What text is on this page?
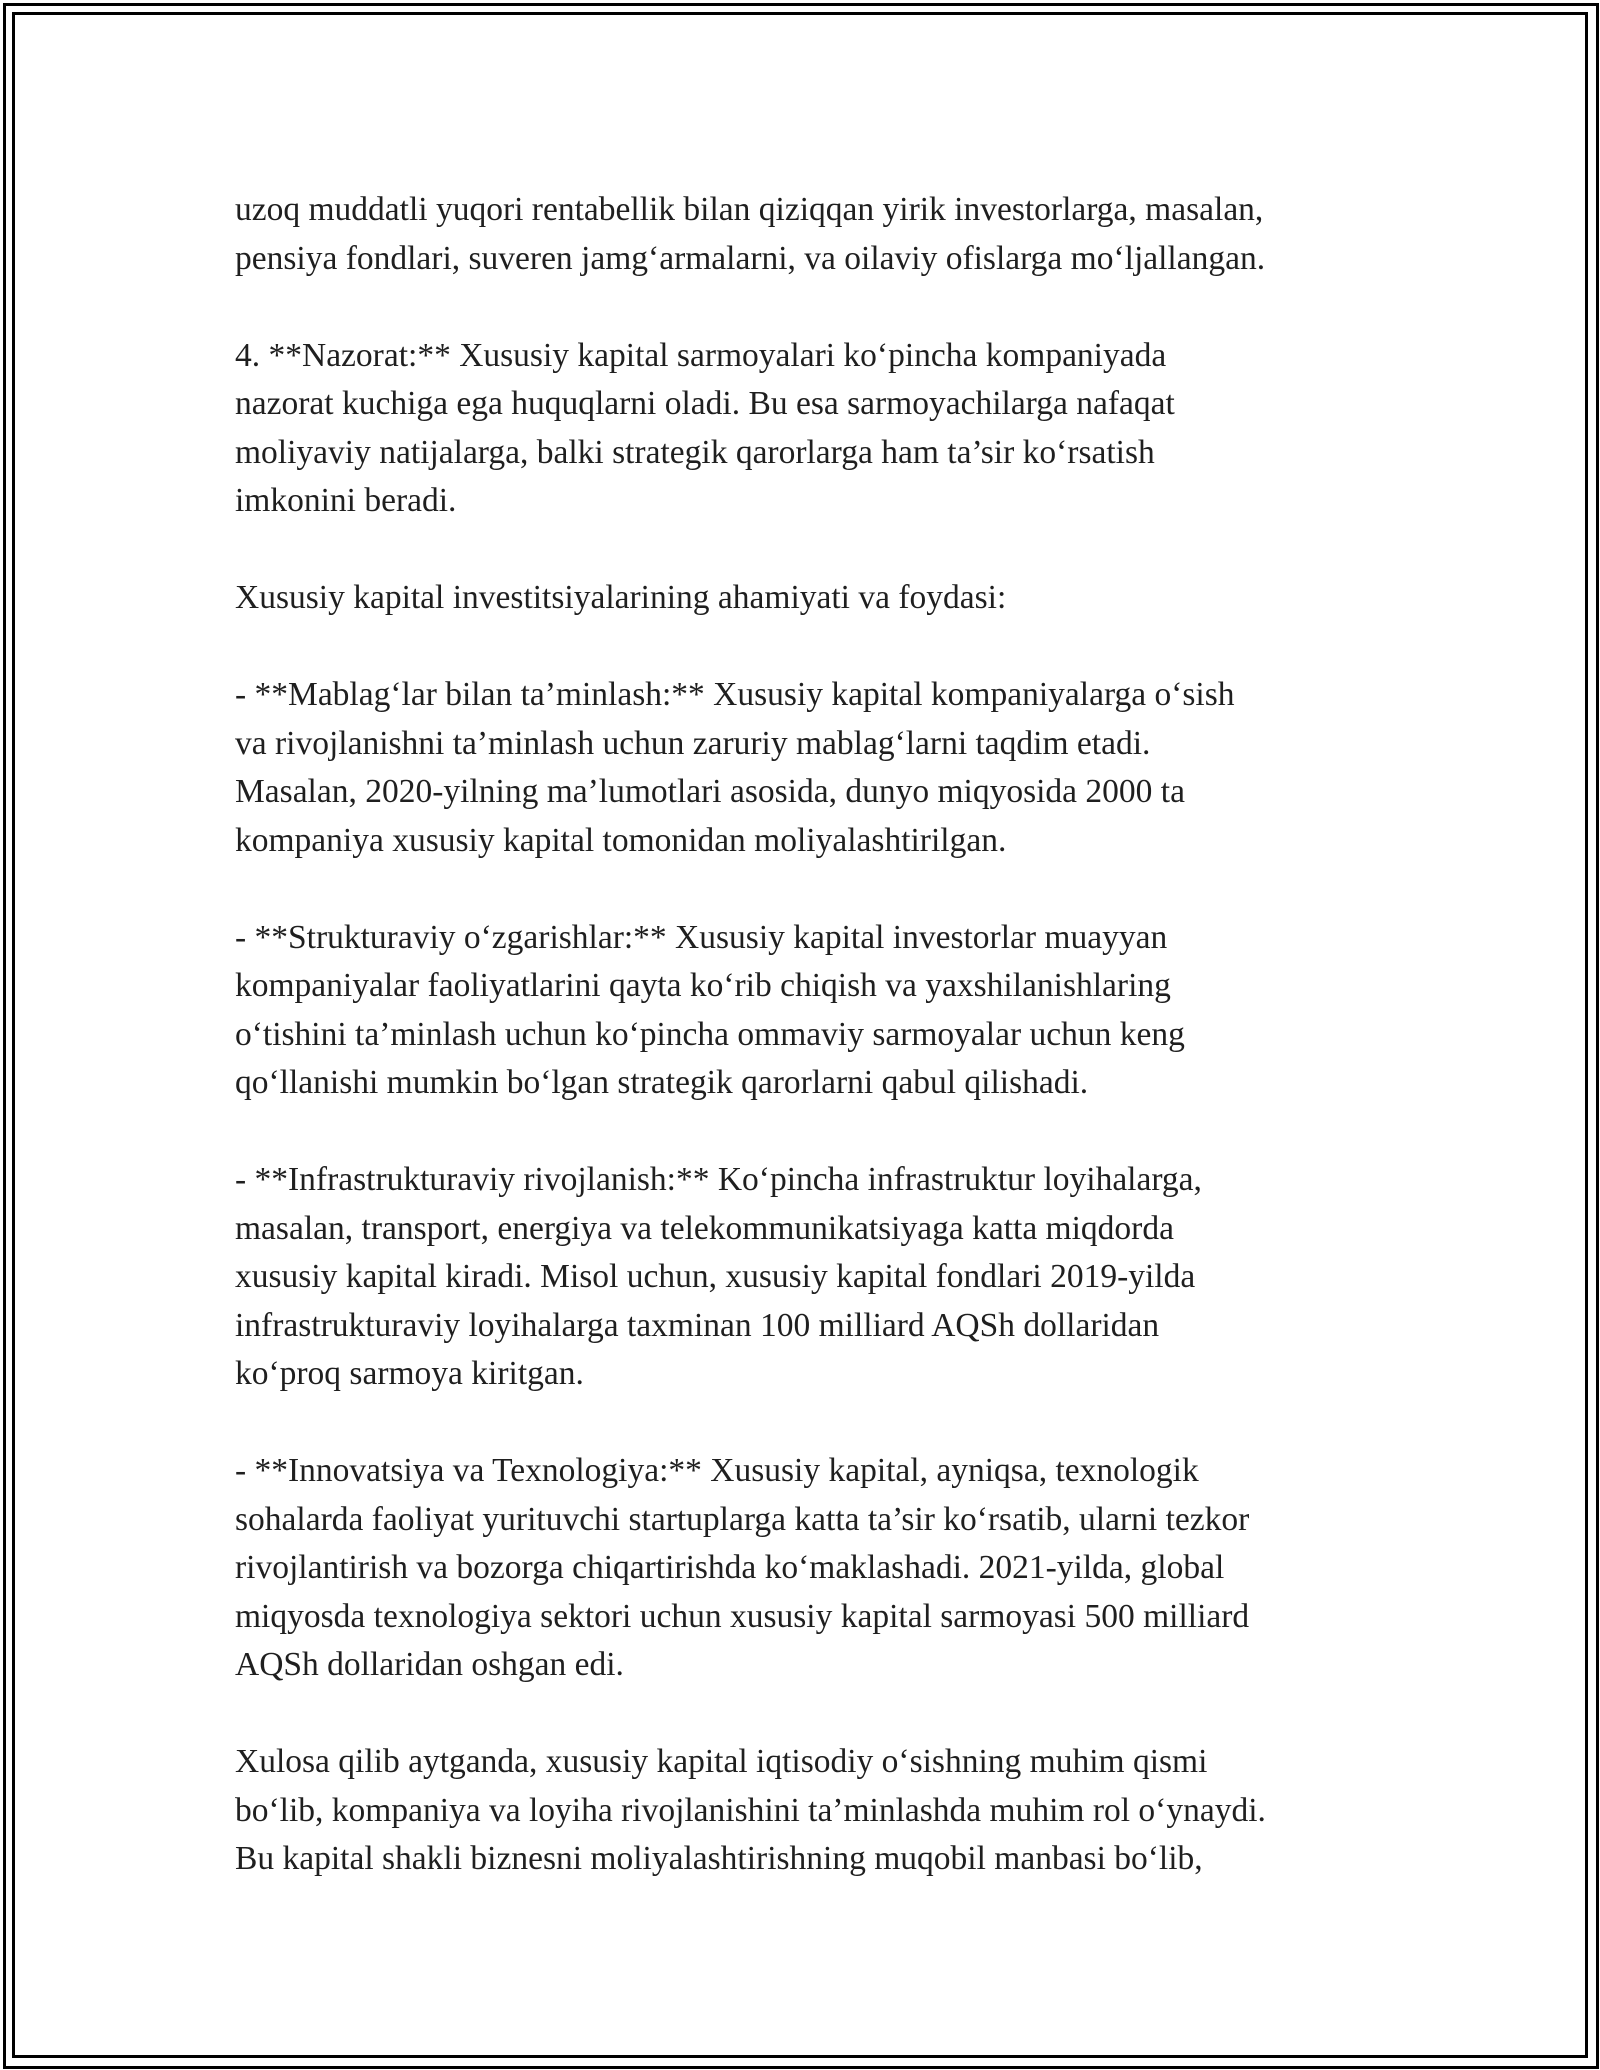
uzoq muddatli yuqori rentabellik bilan qiziqqan yirik investorlarga, masalan,
pensiya fondlari, suveren jamg‘armalarni, va oilaviy ofislarga mo‘ljallangan.

4. **Nazorat:** Xususiy kapital sarmoyalari ko‘pincha kompaniyada
nazorat kuchiga ega huquqlarni oladi. Bu esa sarmoyachilarga nafaqat
moliyaviy natijalarga, balki strategik qarorlarga ham ta’sir ko‘rsatish
imkonini beradi.

Xususiy kapital investitsiyalarining ahamiyati va foydasi:

- **Mablag‘lar bilan ta’minlash:** Xususiy kapital kompaniyalarga o‘sish
va rivojlanishni ta’minlash uchun zaruriy mablag‘larni taqdim etadi.
Masalan, 2020-yilning ma’lumotlari asosida, dunyo miqyosida 2000 ta
kompaniya xususiy kapital tomonidan moliyalashtirilgan.

- **Strukturaviy o‘zgarishlar:** Xususiy kapital investorlar muayyan
kompaniyalar faoliyatlarini qayta ko‘rib chiqish va yaxshilanishlaring
o‘tishini ta’minlash uchun ko‘pincha ommaviy sarmoyalar uchun keng
qo‘llanishi mumkin bo‘lgan strategik qarorlarni qabul qilishadi.

- **Infrastrukturaviy rivojlanish:** Ko‘pincha infrastruktur loyihalarga,
masalan, transport, energiya va telekommunikatsiyaga katta miqdorda
xususiy kapital kiradi. Misol uchun, xususiy kapital fondlari 2019-yilda
infrastrukturaviy loyihalarga taxminan 100 milliard AQSh dollaridan
ko‘proq sarmoya kiritgan.

- **Innovatsiya va Texnologiya:** Xususiy kapital, ayniqsa, texnologik
sohalarda faoliyat yurituvchi startuplarga katta ta’sir ko‘rsatib, ularni tezkor
rivojlantirish va bozorga chiqartirishda ko‘maklashadi. 2021-yilda, global
miqyosda texnologiya sektori uchun xususiy kapital sarmoyasi 500 milliard
AQSh dollaridan oshgan edi.

Xulosa qilib aytganda, xususiy kapital iqtisodiy o‘sishning muhim qismi
bo‘lib, kompaniya va loyiha rivojlanishini ta’minlashda muhim rol o‘ynaydi.
Bu kapital shakli biznesni moliyalashtirishning muqobil manbasi bo‘lib,
